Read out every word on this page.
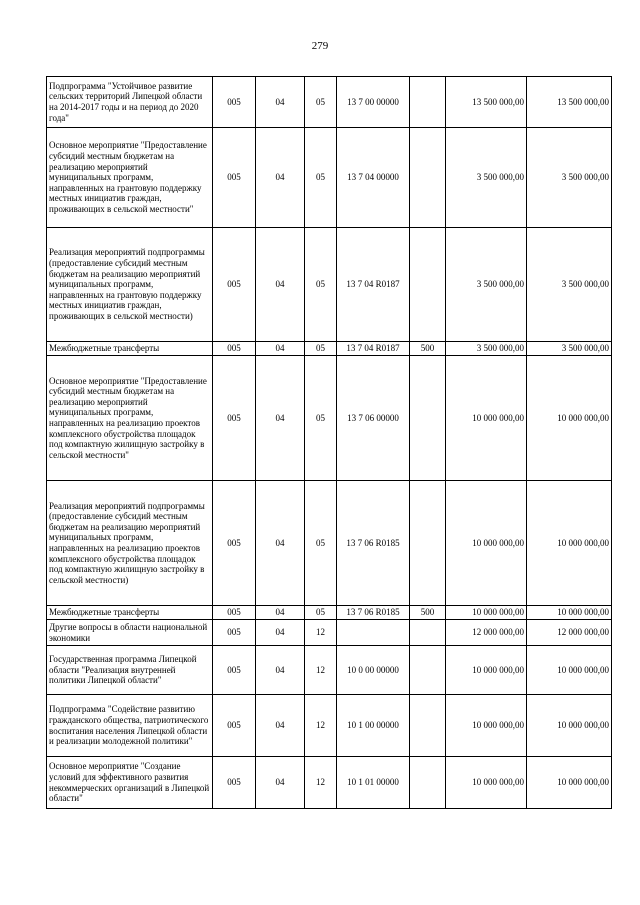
279
Подпрограмма "Устойчивое развитие сельских территорий Липецкой области на 2014-2017 годы и на период до 2020 года"	005	04	05	13 7 00 00000		13 500 000,00	13 500 000,00
Основное мероприятие "Предоставление субсидий местным бюджетам на реализацию мероприятий муниципальных программ, направленных на грантовую поддержку местных инициатив граждан, проживающих в сельской местности"	005	04	05	13 7 04 00000		3 500 000,00	3 500 000,00
Реализация мероприятий подпрограммы (предоставление субсидий местным бюджетам на реализацию мероприятий муниципальных программ, направленных на грантовую поддержку местных инициатив граждан, проживающих в сельской местности)	005	04	05	13 7 04 R0187		3 500 000,00	3 500 000,00
Межбюджетные трансферты	005	04	05	13 7 04 R0187	500	3 500 000,00	3 500 000,00
Основное мероприятие "Предоставление субсидий местным бюджетам на реализацию мероприятий муниципальных программ, направленных на реализацию проектов комплексного обустройства площадок под компактную жилищную застройку в сельской местности"	005	04	05	13 7 06 00000		10 000 000,00	10 000 000,00
Реализация мероприятий подпрограммы (предоставление субсидий местным бюджетам на реализацию мероприятий муниципальных программ, направленных на реализацию проектов комплексного обустройства площадок под компактную жилищную застройку в сельской местности)	005	04	05	13 7 06 R0185		10 000 000,00	10 000 000,00
Межбюджетные трансферты	005	04	05	13 7 06 R0185	500	10 000 000,00	10 000 000,00
Другие вопросы в области национальной экономики	005	04	12			12 000 000,00	12 000 000,00
Государственная программа Липецкой области "Реализация внутренней политики Липецкой области"	005	04	12	10 0 00 00000		10 000 000,00	10 000 000,00
Подпрограмма "Содействие развитию гражданского общества, патриотического воспитания населения Липецкой области и реализации молодежной политики"	005	04	12	10 1 00 00000		10 000 000,00	10 000 000,00
Основное мероприятие "Создание условий для эффективного развития некоммерческих организаций в Липецкой области"	005	04	12	10 1 01 00000		10 000 000,00	10 000 000,00
